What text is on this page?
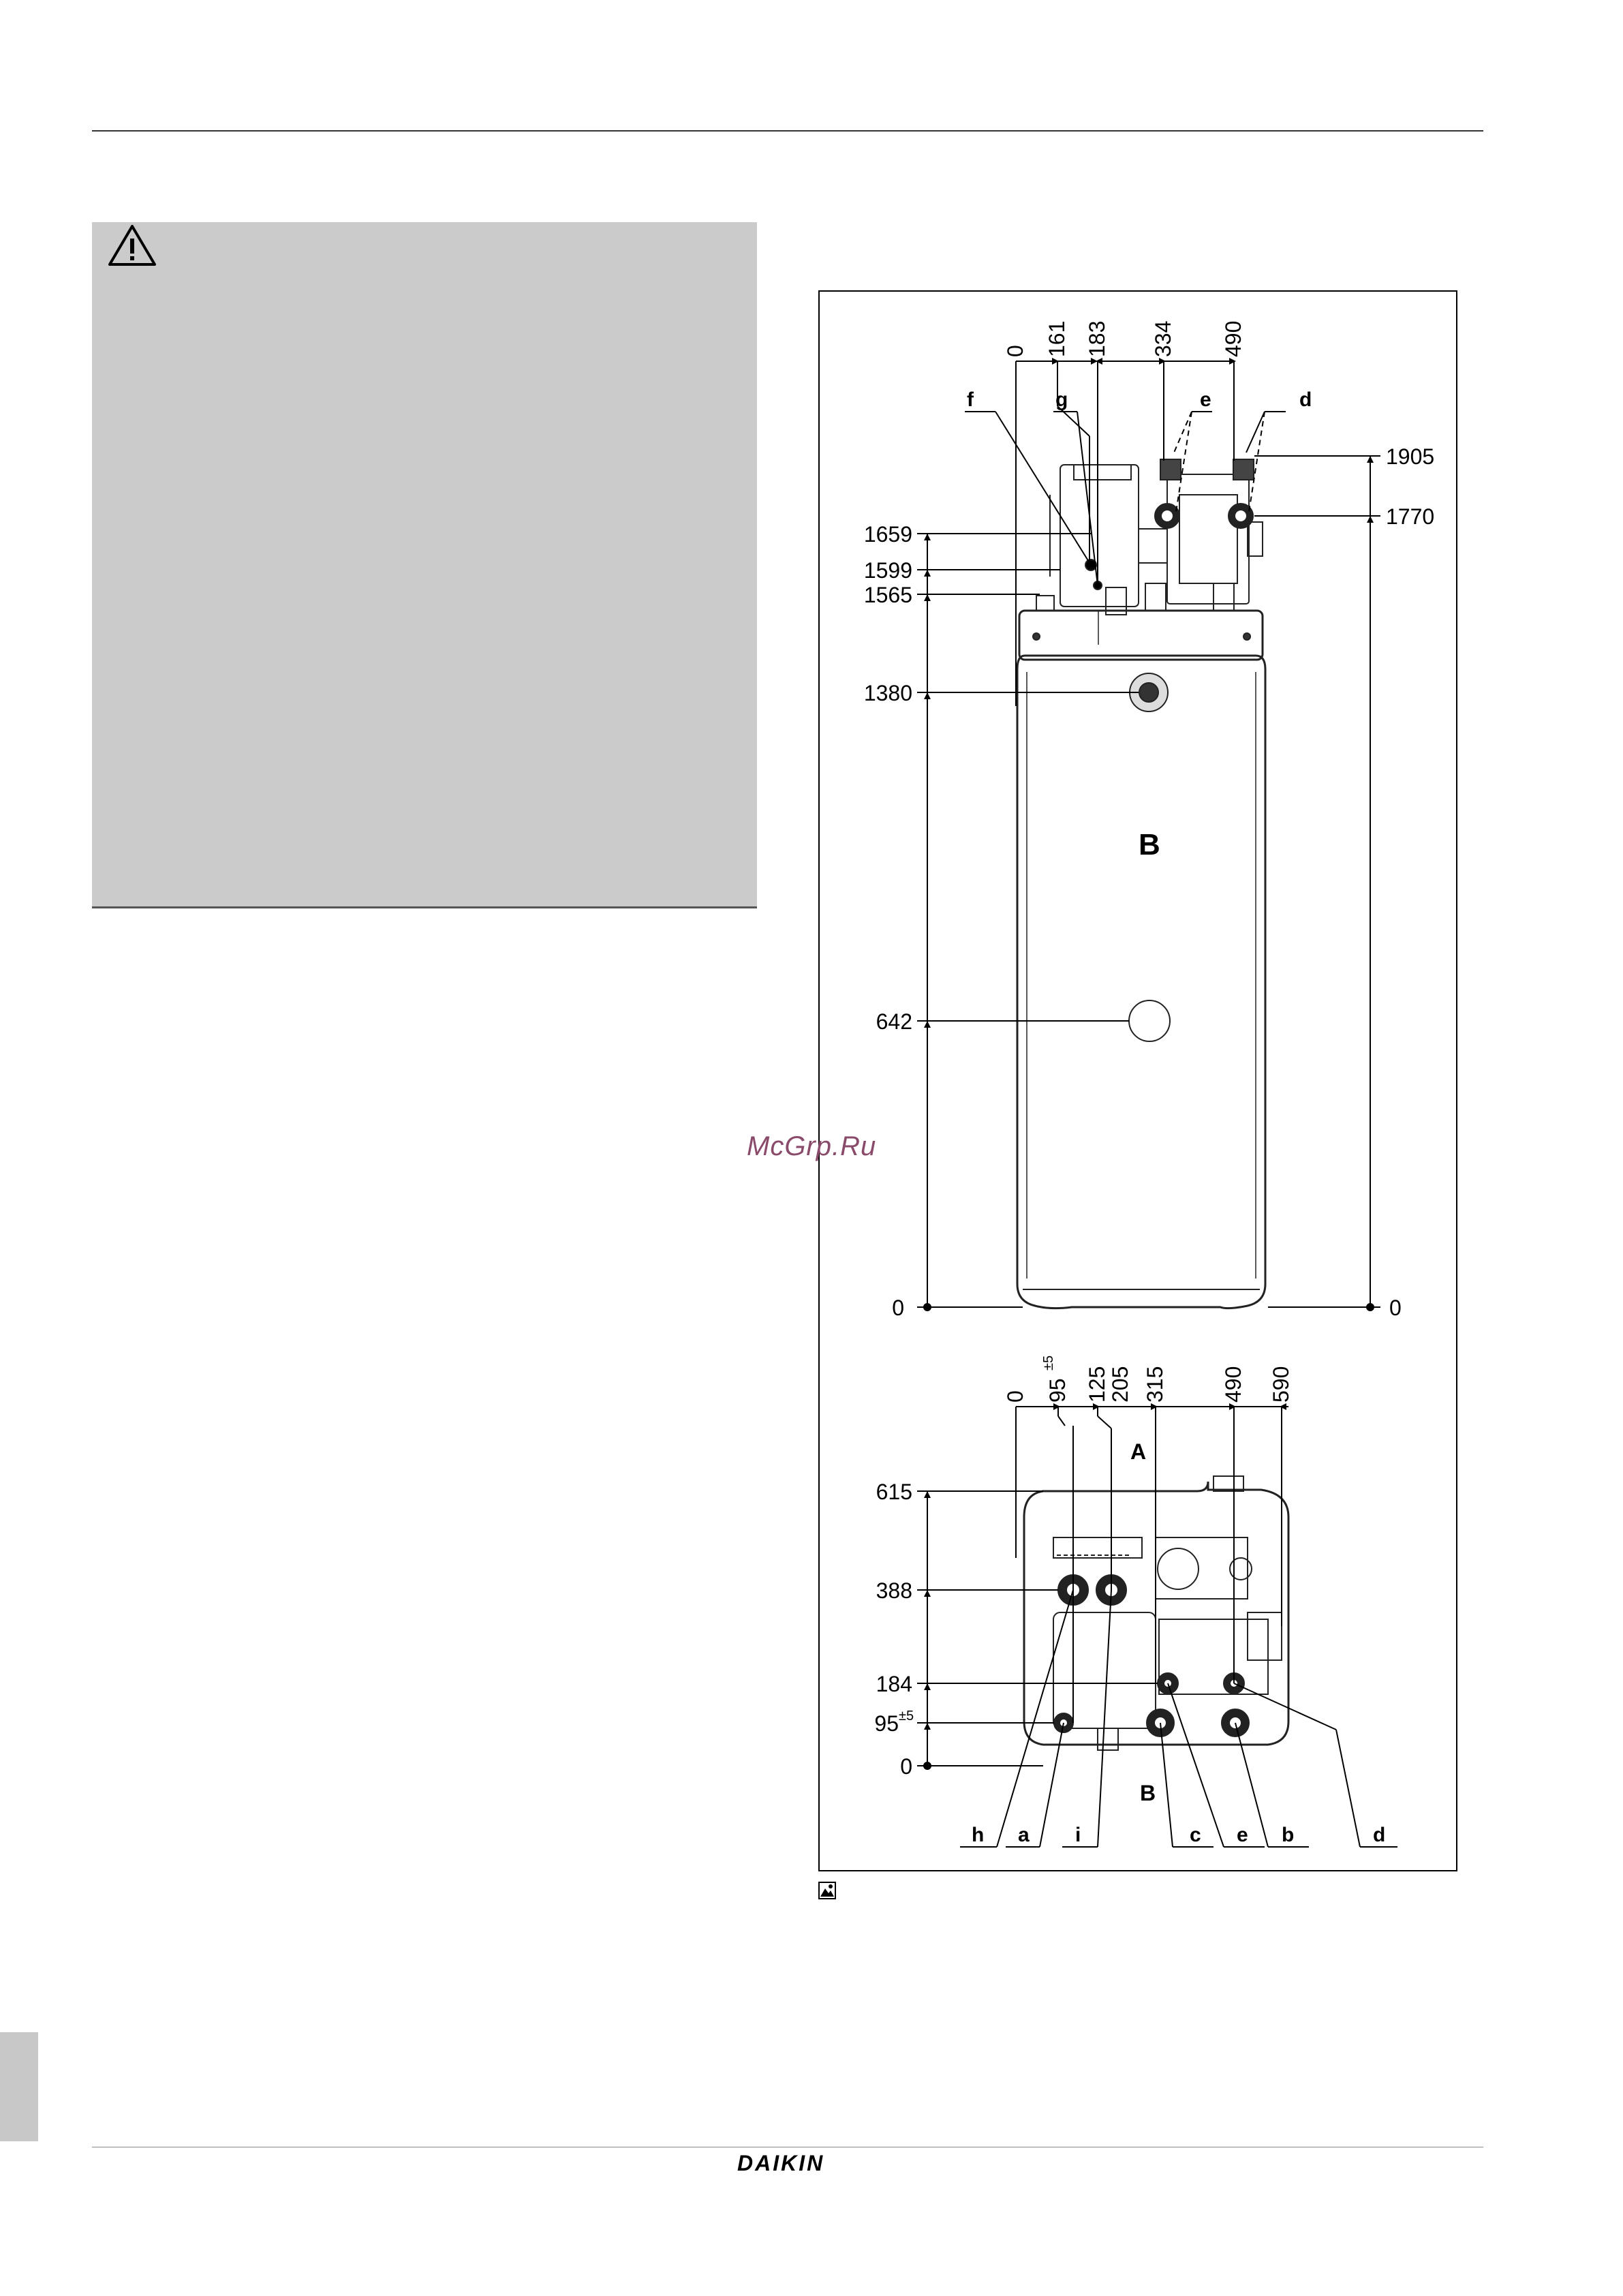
0 161 183 334 490
1659
1599
1565
1380
642
0
1905
1770
0
f	g	e	d
B
0 95
±5
125
205 315 490 590
615
388
184
95 ±5
0
h a i	c e b	d
A
B
McGrp.Ru
DAIKIN
